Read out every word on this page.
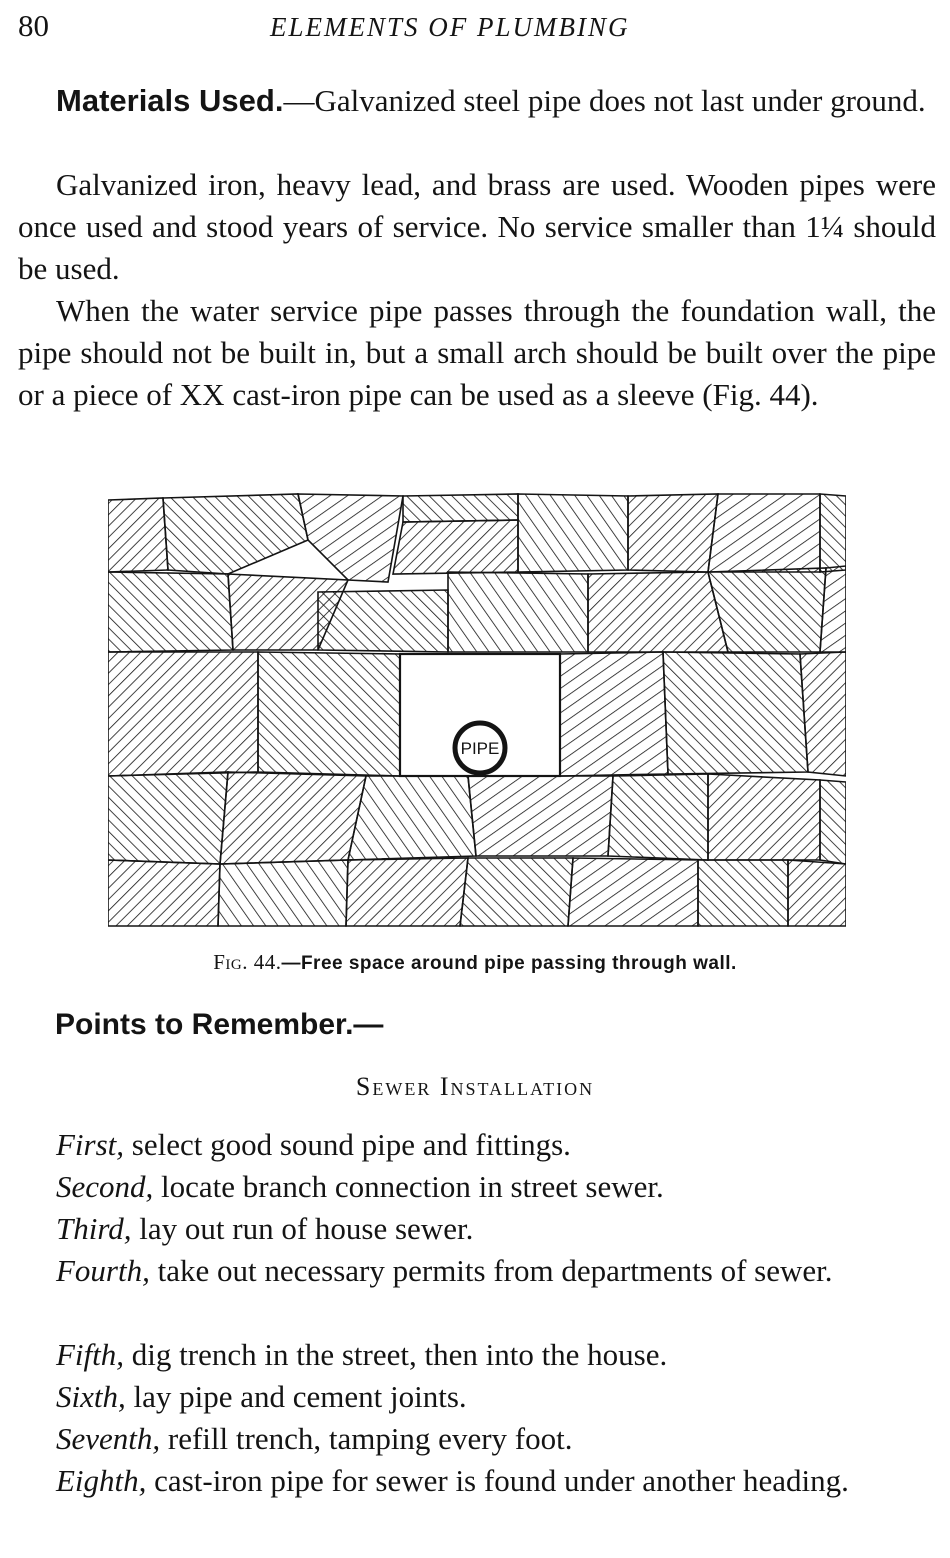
80	ELEMENTS OF PLUMBING

Materials Used.—Galvanized steel pipe does not last under ground.

Galvanized iron, heavy lead, and brass are used. Wooden pipes were once used and stood years of service. No service smaller than 1¼ should be used.

When the water service pipe passes through the foundation wall, the pipe should not be built in, but a small arch should be built over the pipe or a piece of XX cast-iron pipe can be used as a sleeve (Fig. 44).

PIPE
Fig. 44.—Free space around pipe passing through wall.
Points to Remember.—
Sewer Installation

First, select good sound pipe and fittings.

Second, locate branch connection in street sewer.

Third, lay out run of house sewer.

Fourth, take out necessary permits from departments of sewer.

Fifth, dig trench in the street, then into the house.

Sixth, lay pipe and cement joints.

Seventh, refill trench, tamping every foot.

Eighth, cast-iron pipe for sewer is found under another heading.
